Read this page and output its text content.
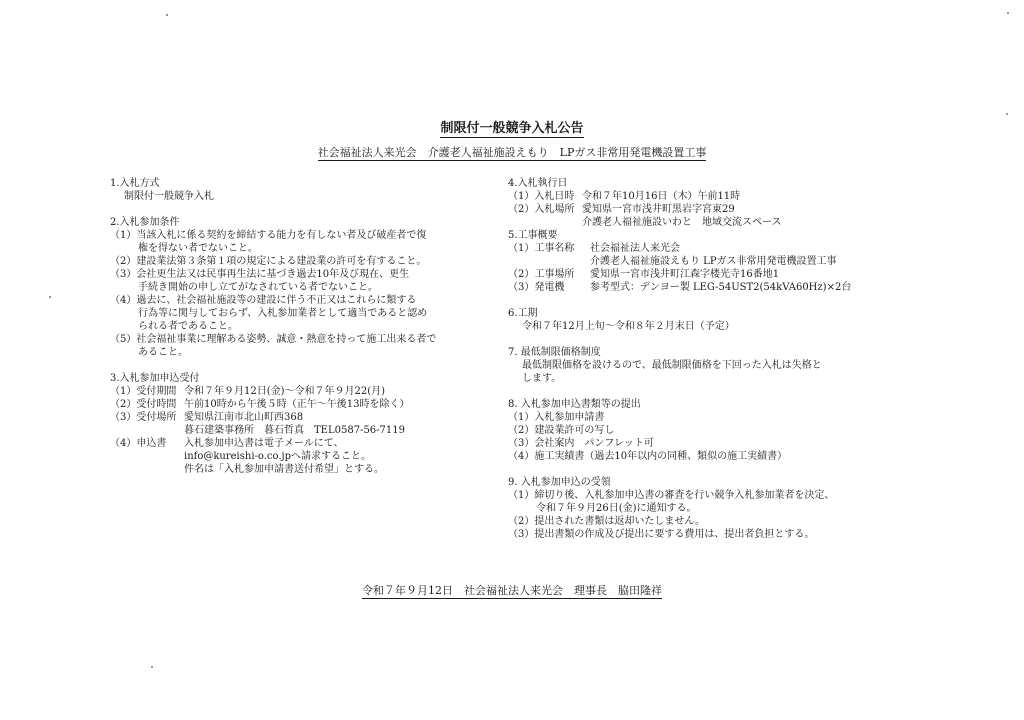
制限付一般競争入札公告
社会福祉法人来光会　介護老人福祉施設えもり　LPガス非常用発電機設置工事
1.入札方式
制限付一般競争入札
2.入札参加条件
（1）当該入札に係る契約を締結する能力を有しない者及び破産者で復
権を得ない者でないこと。
（2）建設業法第３条第１項の規定による建設業の許可を有すること。
（3）会社更生法又は民事再生法に基づき過去10年及び現在、更生
手続き開始の申し立てがなされている者でないこと。
（4）過去に、社会福祉施設等の建設に伴う不正又はこれらに類する
行為等に関与しておらず、入札参加業者として適当であると認め
られる者であること。
（5）社会福祉事業に理解ある姿勢、誠意・熱意を持って施工出来る者で
あること。
3.入札参加申込受付
（1）受付期間 令和７年９月12日(金)～令和７年９月22(月)
（2）受付時間 午前10時から午後５時（正午～午後13時を除く）
（3）受付場所 愛知県江南市北山町西368
暮石建築事務所　暮石哲真　TEL0587-56-7119
（4）申込書 入札参加申込書は電子メールにて、
info@kureishi-o.co.jpへ請求すること。
件名は「入札参加申請書送付希望」とする。
4.入札執行日
（1）入札日時 令和７年10月16日（木）午前11時
（2）入札場所 愛知県一宮市浅井町黒岩字宮東29
介護老人福祉施設いわと　地域交流スペース
5.工事概要
（1）工事名称 社会福祉法人来光会
介護老人福祉施設えもり LPガス非常用発電機設置工事
（2）工事場所 愛知県一宮市浅井町江森字楼光寺16番地1
（3）発電機	参考型式：デンヨー製 LEG-54UST2(54kVA60Hz)×2台
6.工期
令和７年12月上旬～令和８年２月末日（予定）
7. 最低制限価格制度
最低制限価格を設けるので、最低制限価格を下回った入札は失格と
します。
8. 入札参加申込書類等の提出
（1）入札参加申請書
（2）建設業許可の写し
（3）会社案内　パンフレット可
（4）施工実績書（過去10年以内の同種、類似の施工実績書）
9. 入札参加申込の受領
（1）締切り後、入札参加申込書の審査を行い競争入札参加業者を決定、
令和７年９月26日(金)に通知する。
（2）提出された書類は返却いたしません。
（3）提出書類の作成及び提出に要する費用は、提出者負担とする。
令和７年９月12日　社会福祉法人来光会　理事長　脇田隆祥
